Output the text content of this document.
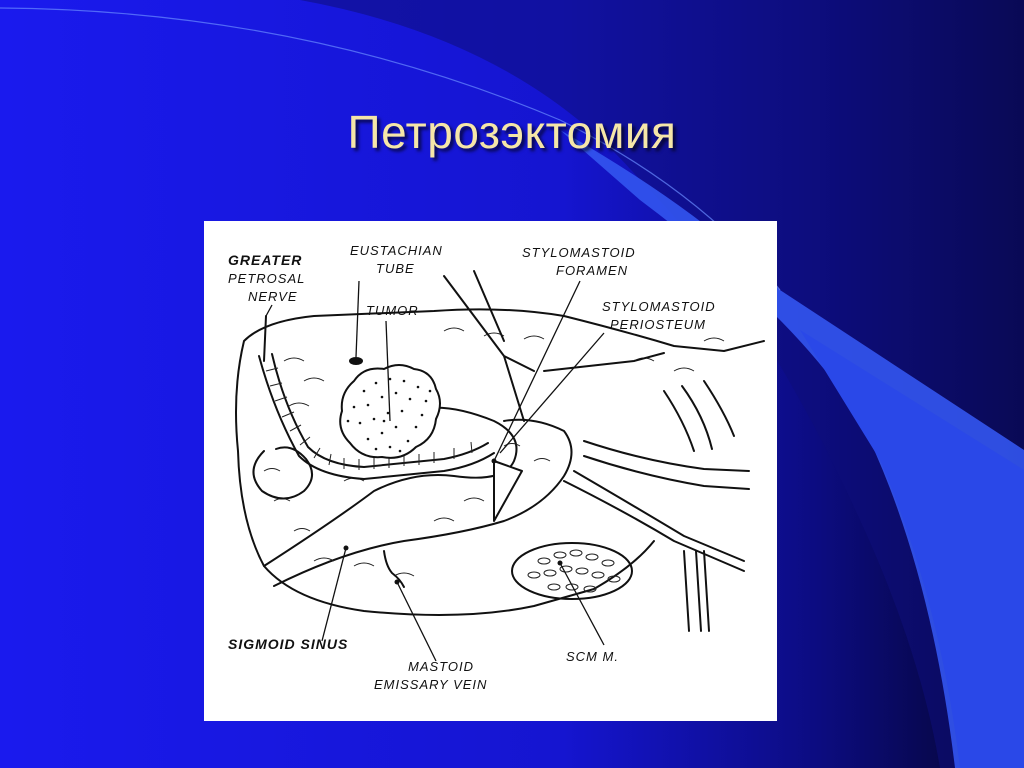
Петрозэктомия
GREATER
PETROSAL
NERVE
EUSTACHIAN
TUBE
TUMOR
STYLOMASTOID
FORAMEN
STYLOMASTOID
PERIOSTEUM
SIGMOID SINUS
MASTOID
EMISSARY VEIN
SCM M.
